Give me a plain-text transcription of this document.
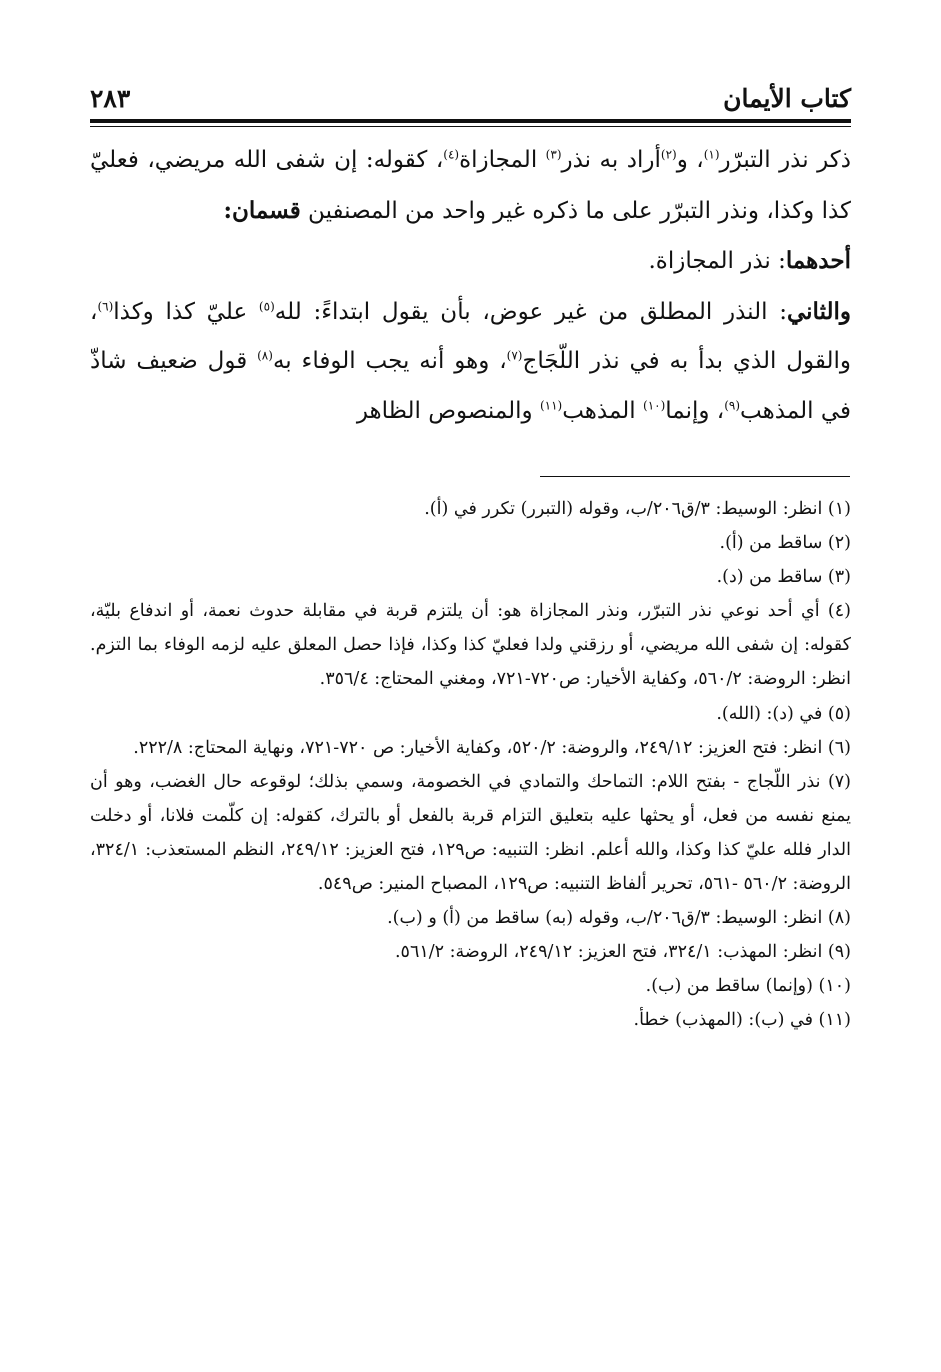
كتاب الأيمان
٢٨٣

ذكر نذر التبرّر$^{(١)}$، و$^{(٢)}$أراد به نذر$^{(٣)}$ المجازاة$^{(٤)}$، كقوله: إن شفى الله مريضي، فعليّ كذا وكذا، ونذر التبرّر على ما ذكره غير واحد من المصنفين قسمان:

أحدهما: نذر المجازاة.

والثاني: النذر المطلق من غير عوض، بأن يقول ابتداءً: لله$^{(٥)}$ عليّ كذا وكذا$^{(٦)}$، والقول الذي بدأ به في نذر اللّجَاج$^{(٧)}$، وهو أنه يجب الوفاء به$^{(٨)}$ قول ضعيف شاذّ في المذهب$^{(٩)}$، وإنما$^{(١٠)}$ المذهب$^{(١١)}$ والمنصوص الظاهر

(١) انظر: الوسيط: ٣/ق٢٠٦/ب، وقوله (التبرر) تكرر في (أ).

(٢) ساقط من (أ).

(٣) ساقط من (د).

(٤) أي أحد نوعي نذر التبرّر، ونذر المجازاة هو: أن يلتزم قربة في مقابلة حدوث نعمة، أو اندفاع بليّة، كقوله: إن شفى الله مريضي، أو رزقني ولدا فعليّ كذا وكذا، فإذا حصل المعلق عليه لزمه الوفاء بما التزم. انظر: الروضة: ٥٦٠/٢، وكفاية الأخيار: ص٧٢٠-٧٢١، ومغني المحتاج: ٣٥٦/٤.

(٥) في (د): (الله).

(٦) انظر: فتح العزيز: ٢٤٩/١٢، والروضة: ٥٢٠/٢، وكفاية الأخيار: ص ٧٢٠-٧٢١، ونهاية المحتاج: ٢٢٢/٨.

(٧) نذر اللّجاج - بفتح اللام: التماحك والتمادي في الخصومة، وسمي بذلك؛ لوقوعه حال الغضب، وهو أن يمنع نفسه من فعل، أو يحثها عليه بتعليق التزام قربة بالفعل أو بالترك، كقوله: إن كلّمت فلانا، أو دخلت الدار فلله عليّ كذا وكذا، والله أعلم. انظر: التنبيه: ص١٢٩، فتح العزيز: ٢٤٩/١٢، النظم المستعذب: ٣٢٤/١، الروضة: ٥٦٠/٢ -٥٦١، تحرير ألفاظ التنبيه: ص١٢٩، المصباح المنير: ص٥٤٩.

(٨) انظر: الوسيط: ٣/ق٢٠٦/ب، وقوله (به) ساقط من (أ) و (ب).

(٩) انظر: المهذب: ٣٢٤/١، فتح العزيز: ٢٤٩/١٢، الروضة: ٥٦١/٢.

(١٠) (وإنما) ساقط من (ب).

(١١) في (ب): (المهذب) خطأ.
